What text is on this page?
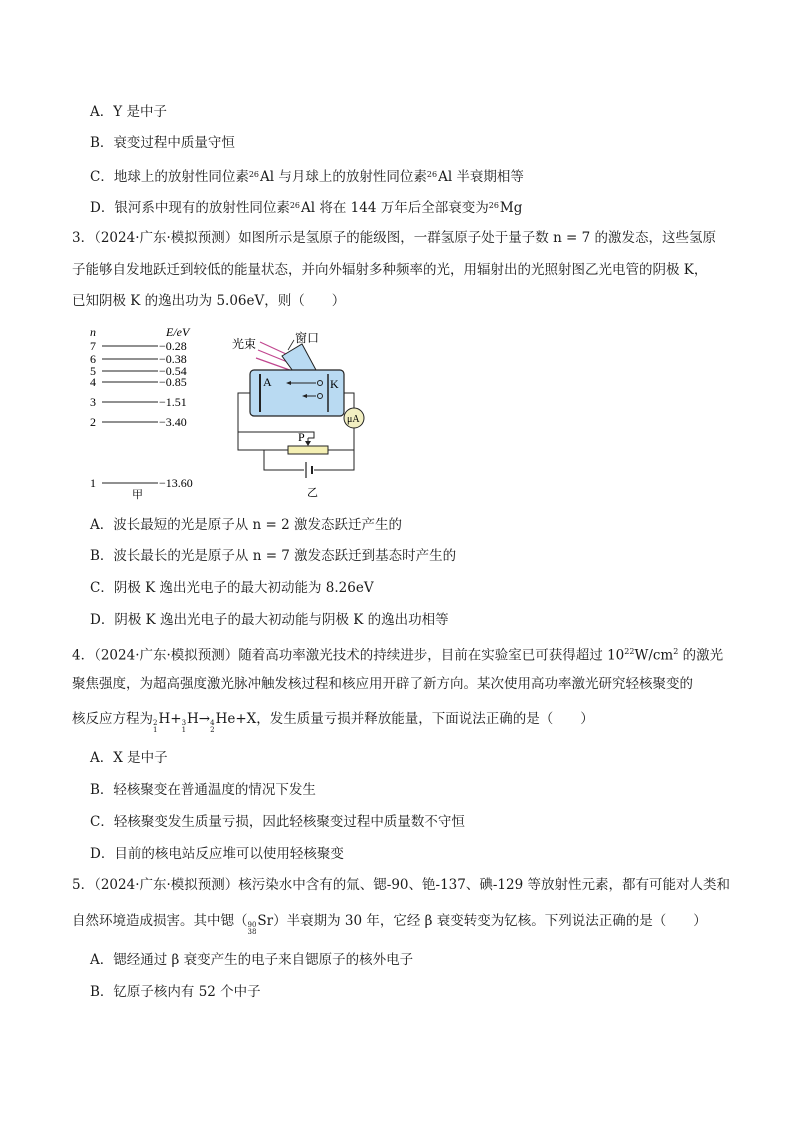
A．Y 是中子
B．衰变过程中质量守恒
C．地球上的放射性同位素26Al 与月球上的放射性同位素26Al 半衰期相等
D．银河系中现有的放射性同位素26Al 将在 144 万年后全部衰变为26Mg
3．（2024·广东·模拟预测）如图所示是氢原子的能级图，一群氢原子处于量子数 n = 7 的激发态，这些氢原
子能够自发地跃迁到较低的能量状态，并向外辐射多种频率的光，用辐射出的光照射图乙光电管的阴极 K，
已知阴极 K 的逸出功为 5.06eV，则（　　）
n	E/eV
7	−0.28
6	−0.38
5	−0.54
4	−0.85
3	−1.51
2	−3.40
1	−13.60
甲
光束	窗口
A	K
μA
P
乙
A．波长最短的光是原子从 n = 2 激发态跃迁产生的
B．波长最长的光是原子从 n = 7 激发态跃迁到基态时产生的
C．阴极 K 逸出光电子的最大初动能为 8.26eV
D．阴极 K 逸出光电子的最大初动能与阴极 K 的逸出功相等
4．（2024·广东·模拟预测）随着高功率激光技术的持续进步，目前在实验室已可获得超过 $10^{22}W/cm^2$ 的激光
聚焦强度，为超高强度激光脉冲触发核过程和核应用开辟了新方向。某次使用高功率激光研究轻核聚变的
核反应方程为 2
1
H+ 3
1
H→ 4
2
He+X，发生质量亏损并释放能量，下面说法正确的是（　　）
A．X 是中子
B．轻核聚变在普通温度的情况下发生
C．轻核聚变发生质量亏损，因此轻核聚变过程中质量数不守恒
D．目前的核电站反应堆可以使用轻核聚变
5．（2024·广东·模拟预测）核污染水中含有的氚、锶-90、铯-137、碘-129 等放射性元素，都有可能对人类和
自然环境造成损害。其中锶（ 90
38
Sr）半衰期为 30 年，它经 β 衰变转变为钇核。下列说法正确的是（　　）
A．锶经通过 β 衰变产生的电子来自锶原子的核外电子
B．钇原子核内有 52 个中子
